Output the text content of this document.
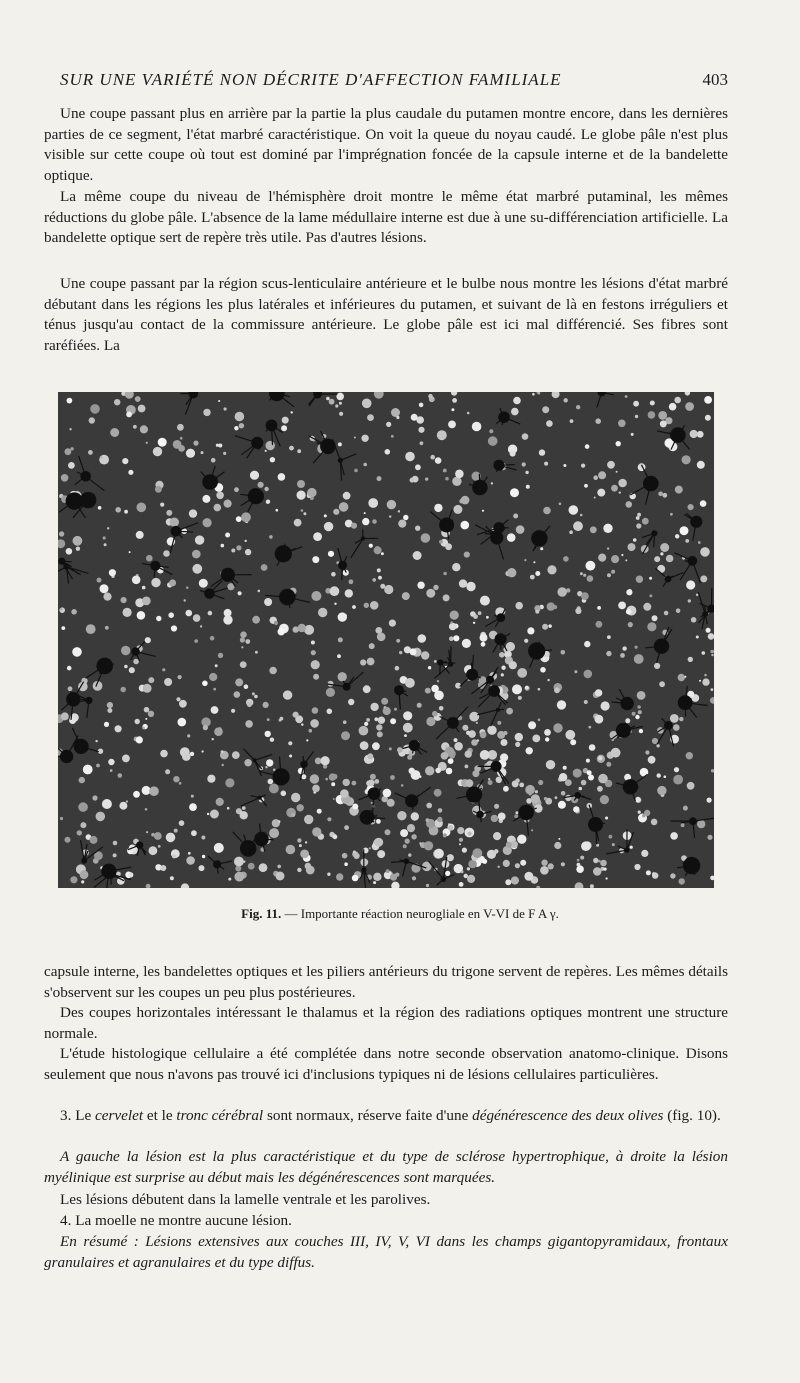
SUR UNE VARIÉTÉ NON DÉCRITE D'AFFECTION FAMILIALE	403

Une coupe passant plus en arrière par la partie la plus caudale du putamen montre encore, dans les dernières parties de ce segment, l'état marbré caractéristique. On voit la queue du noyau caudé. Le globe pâle n'est plus visible sur cette coupe où tout est dominé par l'imprégnation foncée de la capsule interne et de la bandelette optique.

La même coupe du niveau de l'hémisphère droit montre le même état marbré putaminal, les mêmes réductions du globe pâle. L'absence de la lame médullaire interne est due à une su-différenciation artificielle. La bandelette optique sert de repère très utile. Pas d'autres lésions.

Une coupe passant par la région scus-lenticulaire antérieure et le bulbe nous montre les lésions d'état marbré débutant dans les régions les plus latérales et inférieures du putamen, et suivant de là en festons irréguliers et ténus jusqu'au contact de la commissure antérieure. Le globe pâle est ici mal différencié. Ses fibres sont raréfiées. La

Fig. 11. — Importante réaction neurogliale en V-VI de F A γ.

capsule interne, les bandelettes optiques et les piliers antérieurs du trigone servent de repères. Les mêmes détails s'observent sur les coupes un peu plus postérieures.

Des coupes horizontales intéressant le thalamus et la région des radiations optiques montrent une structure normale.

L'étude histologique cellulaire a été complétée dans notre seconde observation anatomo-clinique. Disons seulement que nous n'avons pas trouvé ici d'inclusions typiques ni de lésions cellulaires particulières.

3. Le cervelet et le tronc cérébral sont normaux, réserve faite d'une dégénérescence des deux olives (fig. 10).

A gauche la lésion est la plus caractéristique et du type de sclérose hypertrophique, à droite la lésion myélinique est surprise au début mais les dégénérescences sont marquées.

Les lésions débutent dans la lamelle ventrale et les parolives.

4. La moelle ne montre aucune lésion.

En résumé : Lésions extensives aux couches III, IV, V, VI dans les champs gigantopyramidaux, frontaux granulaires et agranulaires et du type diffus.
